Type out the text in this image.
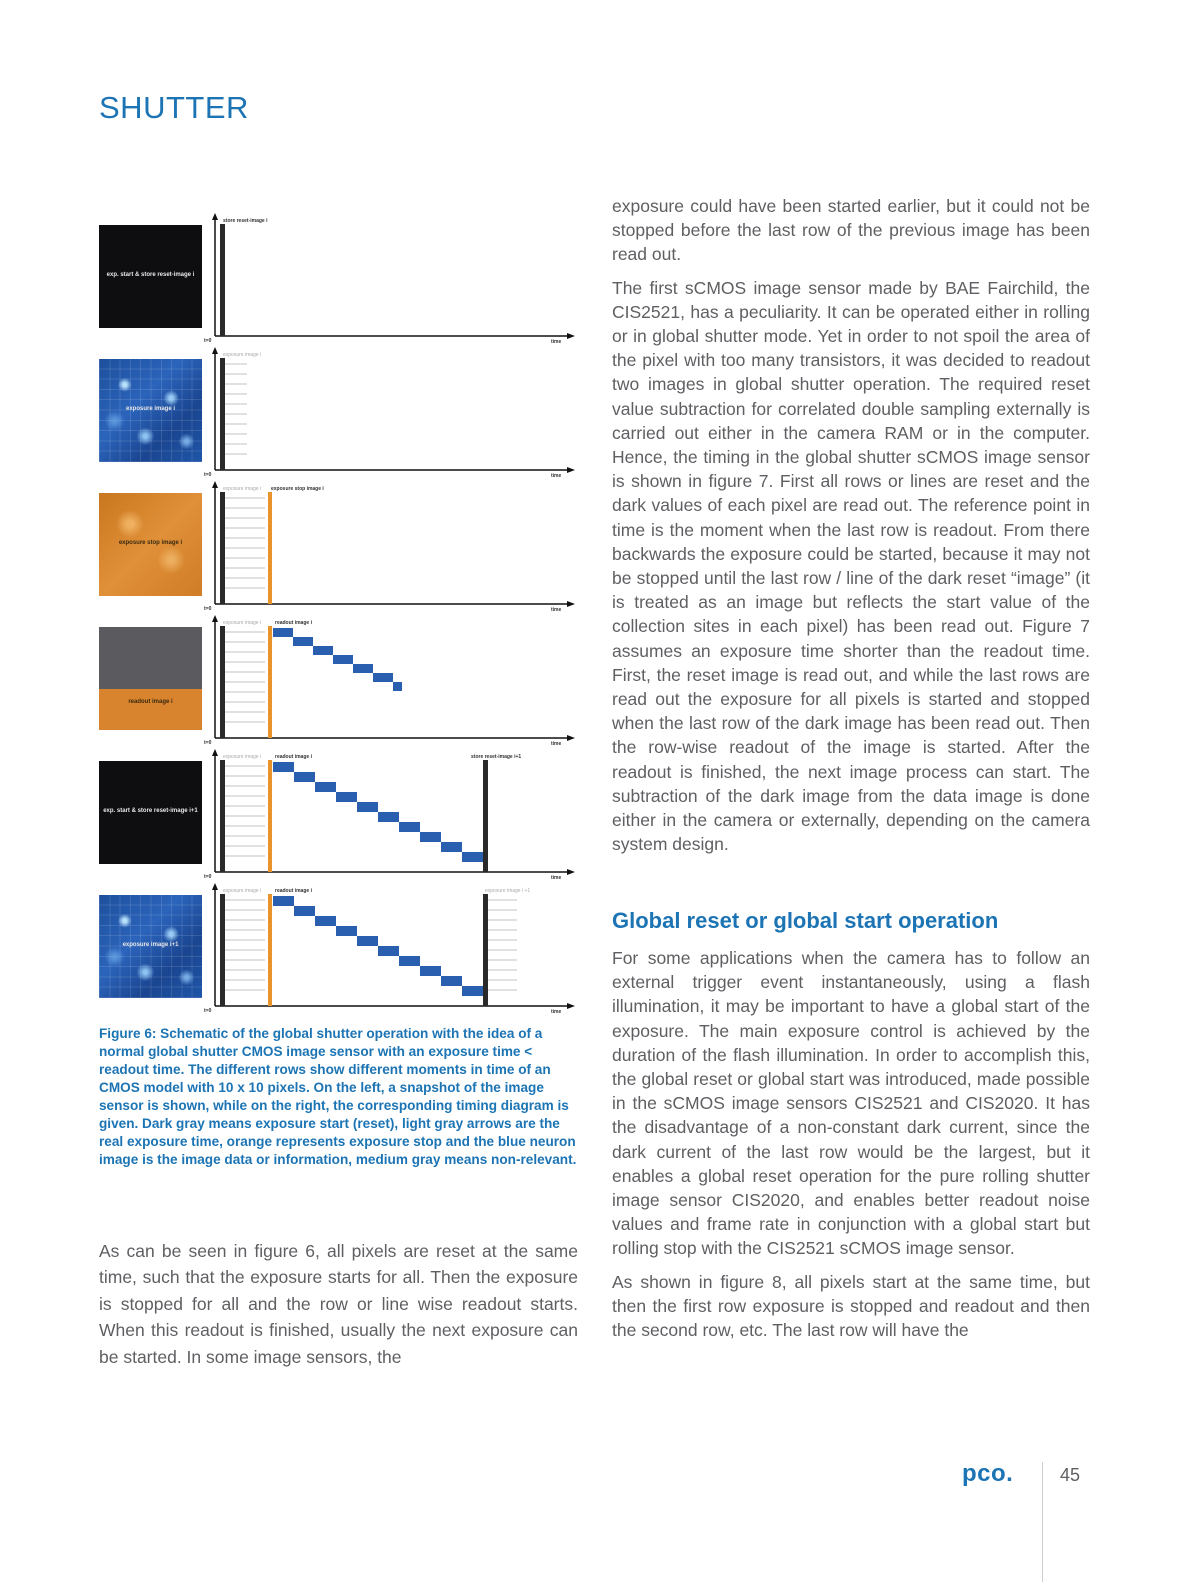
SHUTTER
exp. start & store reset-image i
store reset-image i
t=0	time
exposure image i
exposure image i
t=0	time
exposure stop image i
exposure image i exposure stop image i
t=0	time
readout image i
exposure image i	readout image i
t=0	time
exp. start & store reset-image i+1
exposure image i	readout image i	store reset-image i+1
t=0	time
exposure image i+1
exposure image i	readout image i	exposure image i +1
t=0	time
Figure 6: Schematic of the global shutter operation with the idea of a normal global shutter CMOS image sensor with an exposure time < readout time. The different rows show different moments in time of an CMOS model with 10 x 10 pixels. On the left, a snapshot of the image sensor is shown, while on the right, the corresponding timing diagram is given. Dark gray means exposure start (reset), light gray arrows are the real exposure time, orange represents exposure stop and the blue neuron image is the image data or information, medium gray means non-relevant.

As can be seen in figure 6, all pixels are reset at the same time, such that the exposure starts for all. Then the exposure is stopped for all and the row or line wise readout starts. When this readout is finished, usually the next exposure can be started. In some image sensors, the

exposure could have been started earlier, but it could not be stopped before the last row of the previous image has been read out.

The first sCMOS image sensor made by BAE Fairchild, the CIS2521, has a peculiarity. It can be operated either in rolling or in global shutter mode. Yet in order to not spoil the area of the pixel with too many transistors, it was decided to readout two images in global shutter operation. The required reset value subtraction for correlated double sampling externally is carried out either in the camera RAM or in the computer. Hence, the timing in the global shutter sCMOS image sensor is shown in figure 7. First all rows or lines are reset and the dark values of each pixel are read out. The reference point in time is the moment when the last row is readout. From there backwards the exposure could be started, because it may not be stopped until the last row / line of the dark reset “image” (it is treated as an image but reflects the start value of the collection sites in each pixel) has been read out. Figure 7 assumes an exposure time shorter than the readout time. First, the reset image is read out, and while the last rows are read out the exposure for all pixels is started and stopped when the last row of the dark image has been read out. Then the row-wise readout of the image is started. After the readout is finished, the next image process can start. The subtraction of the dark image from the data image is done either in the camera or externally, depending on the camera system design.

Global reset or global start operation

For some applications when the camera has to follow an external trigger event instantaneously, using a flash illumination, it may be important to have a global start of the exposure. The main exposure control is achieved by the duration of the flash illumination. In order to accomplish this, the global reset or global start was introduced, made possible in the sCMOS image sensors CIS2521 and CIS2020. It has the disadvantage of a non-constant dark current, since the dark current of the last row would be the largest, but it enables a global reset operation for the pure rolling shutter image sensor CIS2020, and enables better readout noise values and frame rate in conjunction with a global start but rolling stop with the CIS2521 sCMOS image sensor.

As shown in figure 8, all pixels start at the same time, but then the first row exposure is stopped and readout and then the second row, etc. The last row will have the

pco.	45
